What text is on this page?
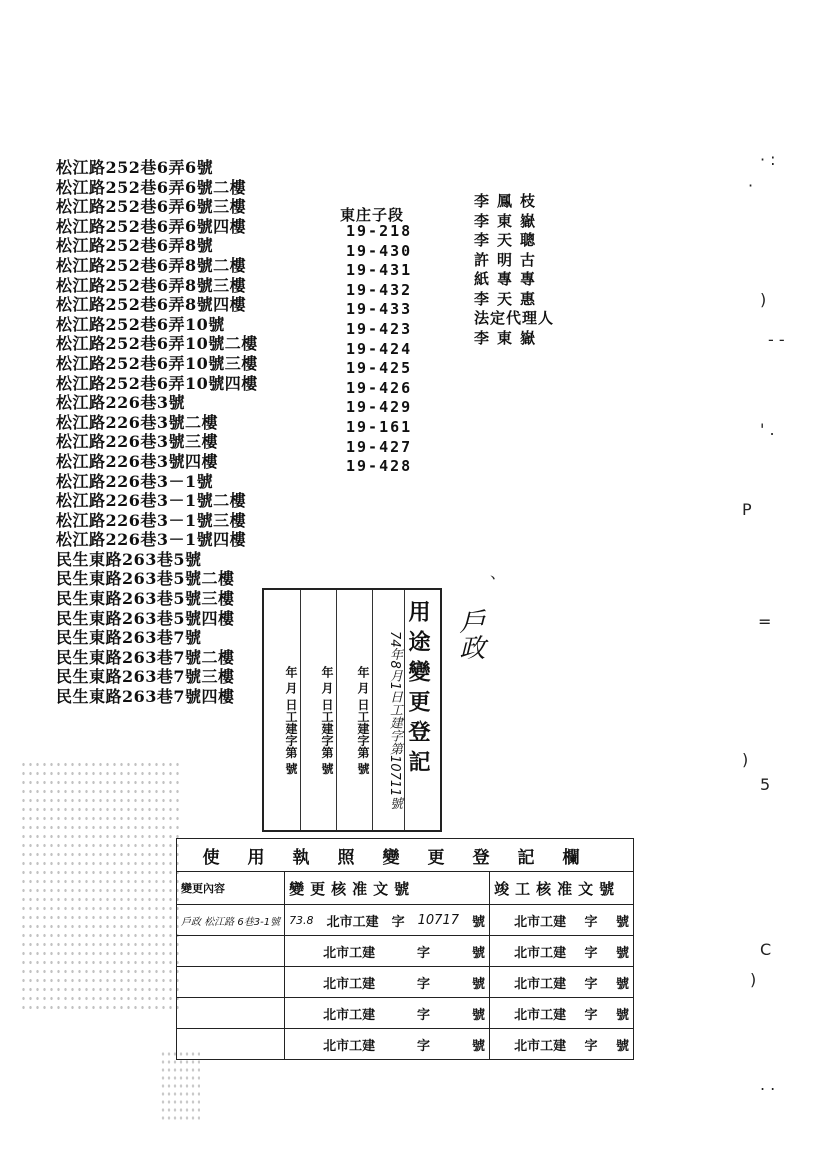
· :
·
)
- -
' .
P
=
)
5
C
)
. .
、
松江路252巷6弄6號
松江路252巷6弄6號二樓
松江路252巷6弄6號三樓
松江路252巷6弄6號四樓
松江路252巷6弄8號
松江路252巷6弄8號二樓
松江路252巷6弄8號三樓
松江路252巷6弄8號四樓
松江路252巷6弄10號
松江路252巷6弄10號二樓
松江路252巷6弄10號三樓
松江路252巷6弄10號四樓
松江路226巷3號
松江路226巷3號二樓
松江路226巷3號三樓
松江路226巷3號四樓
松江路226巷3－1號
松江路226巷3－1號二樓
松江路226巷3－1號三樓
松江路226巷3－1號四樓
民生東路263巷5號
民生東路263巷5號二樓
民生東路263巷5號三樓
民生東路263巷5號四樓
民生東路263巷7號
民生東路263巷7號二樓
民生東路263巷7號三樓
民生東路263巷7號四樓
東庄子段
19-218
19-430
19-431
19-432
19-433
19-423
19-424
19-425
19-426
19-429
19-161
19-427
19-428
李鳳枝
李東嶽
李天聰
許明古
紙專專
李天惠
法定代理人
李東嶽
戶政
年 月 日工建字第 號	年 月 日工建字第 號	年 月 日工建字第 號	74年8月1日工建字第10711號 用途變更登記
使用執照變更登記欄		
變更內容	變更核准文號	竣工核准文號
戶政 松江路 6巷3-1號	73.8 北市工建 字 10717 號	北市工建 字 號

	北市工建 字 號	北市工建 字 號

	北市工建 字 號	北市工建 字 號

	北市工建 字 號	北市工建 字 號

	北市工建 字 號	北市工建 字 號
